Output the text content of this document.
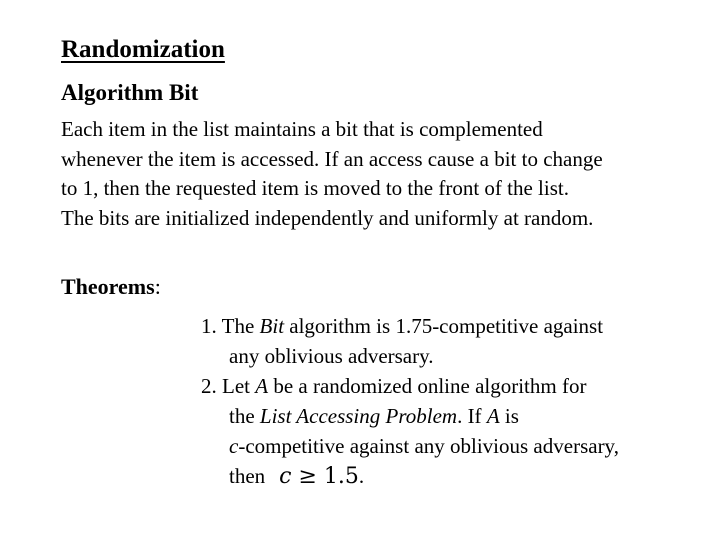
Randomization
Algorithm Bit
Each item in the list maintains a bit that is complemented
whenever the item is accessed. If an access cause a bit to change
to 1, then the requested item is moved to the front of the list.
The bits are initialized independently and uniformly at random.
Theorems:
1. The Bit algorithm is 1.75-competitive against
any oblivious adversary.
2. Let A be a randomized online algorithm for
the List Accessing Problem. If A is
c-competitive against any oblivious adversary,
then c ≥ 1.5.
